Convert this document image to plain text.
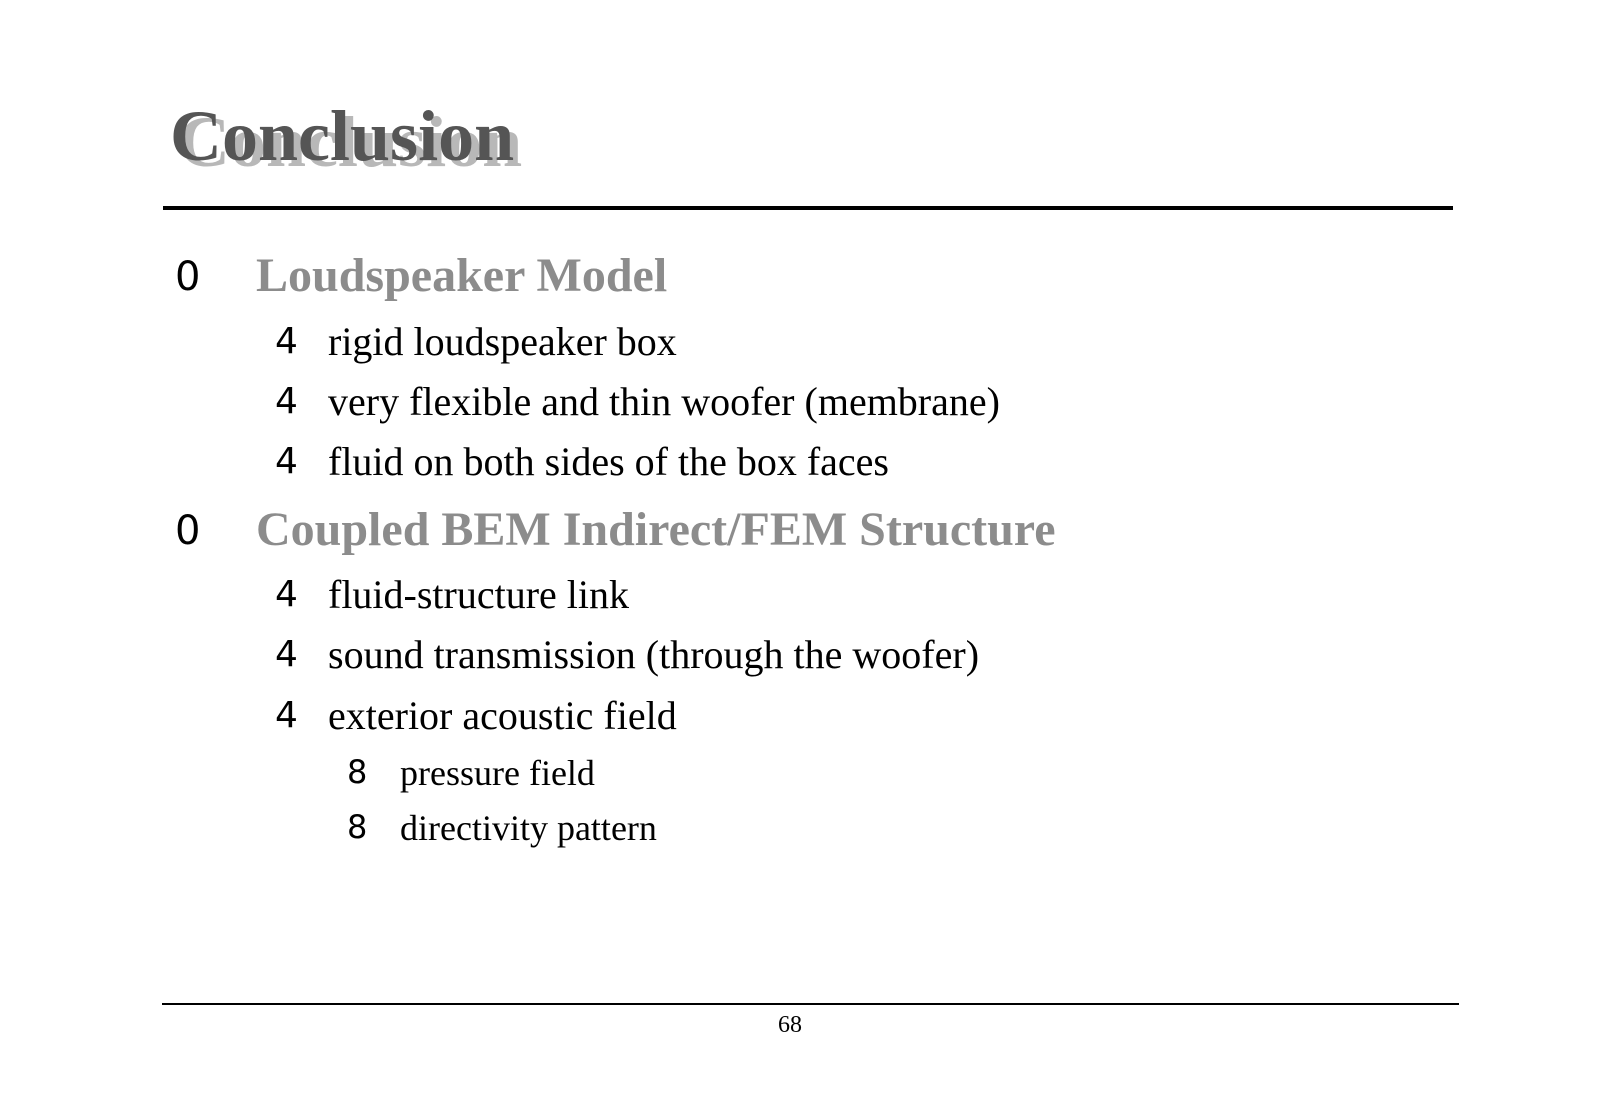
Conclusion
0 Loudspeaker Model
4 rigid loudspeaker box
4 very flexible and thin woofer (membrane)
4 fluid on both sides of the box faces
0 Coupled BEM Indirect/FEM Structure
4 fluid-structure link
4 sound transmission (through the woofer)
4 exterior acoustic field
8 pressure field
8 directivity pattern
68
